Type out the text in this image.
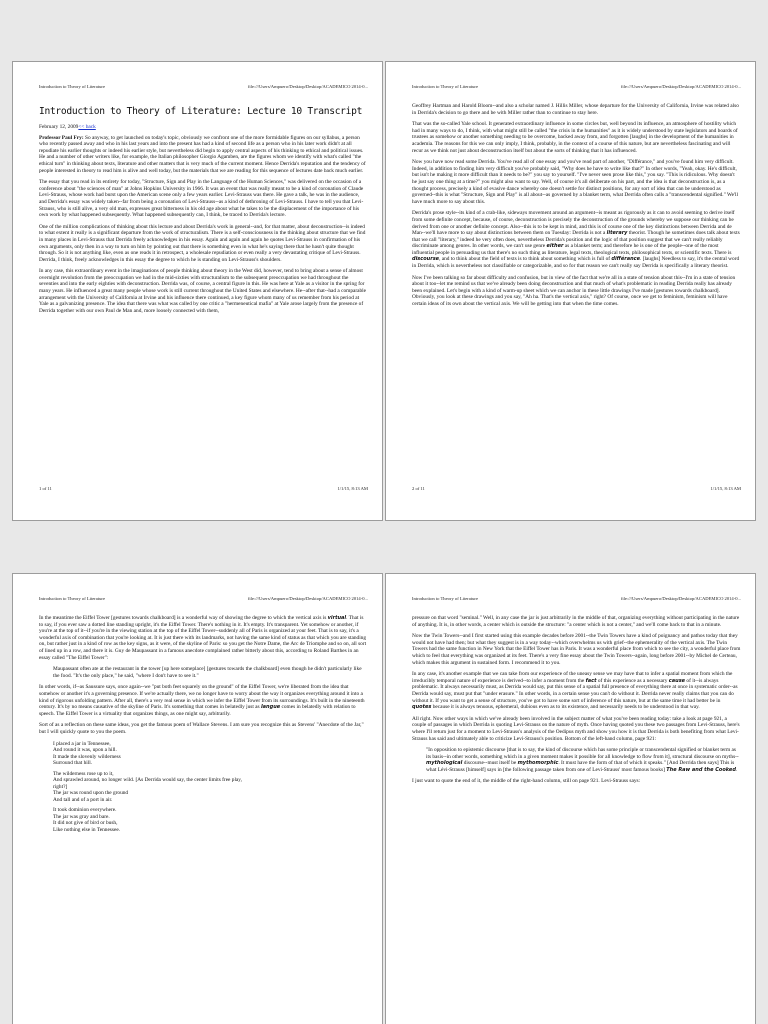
Introduction to Theory of Literature	file:///Users/Ampuero/Desktop/Desktop/ACADEMICO 2014-0...
Introduction to Theory of Literature: Lecture 10 Transcript
February 12, 2009<< back

Professor Paul Fry: So anyway, to get launched on today's topic, obviously we confront one of the more formidable figures on our syllabus, a person who recently passed away and who in his last years and into the present has had a kind of second life as a person who in his later work didn't at all repudiate his earlier thoughts or indeed his earlier style, but nevertheless did begin to apply central aspects of his thinking to ethical and political issues. He and a number of other writers like, for example, the Italian philosopher Giorgio Agamben, are the figures whom we identify with what's called "the ethical turn" in thinking about texts, literature and other matters that is very much of the current moment. Hence Derrida's reputation and the tendency of people interested in theory to read him is alive and well today, but the materials that we are reading for this sequence of lectures date back much earlier.

The essay that you read in its entirety for today, "Structure, Sign and Play in the Language of the Human Sciences," was delivered on the occasion of a conference about "the sciences of man" at Johns Hopkins University in 1966. It was an event that was really meant to be a kind of coronation of Claude Levi-Strauss, whose work had burst upon the American scene only a few years earlier. Levi-Strauss was there. He gave a talk, he was in the audience, and Derrida's essay was widely taken--far from being a coronation of Levi-Strauss--as a kind of dethroning of Levi-Strauss. I have to tell you that Levi-Strauss, who is still alive, a very old man, expresses great bitterness in his old age about what he takes to be the displacement of the importance of his own work by what happened subsequently. What happened subsequently can, I think, be traced to Derrida's lecture.

One of the million complications of thinking about this lecture and about Derrida's work in general--and, for that matter, about deconstruction--is indeed to what extent it really is a significant departure from the work of structuralism. There is a self-consciousness in the thinking about structure that we find in many places in Levi-Strauss that Derrida freely acknowledges in his essay. Again and again and again he quotes Levi-Strauss in confirmation of his own arguments, only then in a way to turn on him by pointing out that there is something even in what he's saying there that he hasn't quite thought through. So it is not anything like, even as one reads it in retrospect, a wholesale repudiation or even really a very devastating critique of Levi-Strauss. Derrida, I think, freely acknowledges in this essay the degree to which he is standing on Levi-Strauss's shoulders.

In any case, this extraordinary event in the imaginations of people thinking about theory in the West did, however, tend to bring about a sense of almost overnight revolution from the preoccupation we had in the mid-sixties with structuralism to the subsequent preoccupation we had throughout the seventies and into the early eighties with deconstruction. Derrida was, of course, a central figure in this. He was here at Yale as a visitor in the spring for many years. He influenced a great many people whose work is still current throughout the United States and elsewhere. He--after that--had a comparable arrangement with the University of California at Irvine and his influence there continued, a key figure whom many of us remember from his period at Yale as a galvanizing presence. The idea that there was what was called by one critic a "hermeneutical mafia" at Yale arose largely from the presence of Derrida together with our own Paul de Man and, more loosely connected with them,

1 of 11	1/1/15, 8:13 AM
Introduction to Theory of Literature	file:///Users/Ampuero/Desktop/Desktop/ACADEMICO 2014-0...

Geoffrey Hartman and Harold Bloom--and also a scholar named J. Hillis Miller, whose departure for the University of California, Irvine was related also in Derrida's decision to go there and be with Miller rather than to continue to stay here.

That was the so-called Yale school. It generated extraordinary influence in some circles but, well beyond its influence, an atmosphere of hostility which had in many ways to do, I think, with what might still be called "the crisis in the humanities" as it is widely understood by state legislators and boards of trustees as somehow or another something needing to be overcome, backed away from, and forgotten [laughs] in the development of the humanities in academia. The reasons for this we can only imply, I think, probably, in the context of a course of this nature, but are nevertheless fascinating and will recur as we think not just about deconstruction itself but about the sorts of thinking that it has influenced.

Now you have now read some Derrida. You've read all of one essay and you've read part of another, "Différance," and you've found him very difficult. Indeed, in addition to finding him very difficult you've probably said, "Why does he have to write like that?" In other words, "Yeah, okay. He's difficult, but isn't he making it more difficult than it needs to be?" you say to yourself. "I've never seen prose like this," you say. "This is ridiculous. Why doesn't he just say one thing at a time?" you might also want to say. Well, of course it's all deliberate on his part, and the idea is that deconstruction is, as a thought process, precisely a kind of evasive dance whereby one doesn't settle for distinct positions, for any sort of idea that can be understood as governed--this is what "Structure, Sign and Play" is all about--as governed by a blanket term, what Derrida often calls a "transcendental signified." We'll have much more to say about this.

Derrida's prose style--its kind of a crab-like, sideways movement around an argument--is meant as rigorously as it can to avoid seeming to derive itself from some definite concept, because, of course, deconstruction is precisely the deconstruction of the grounds whereby we suppose our thinking can be derived from one or another definite concept. Also--this is to be kept in mind, and this is of course one of the key distinctions between Derrida and de Man--we'll have more to say about distinctions between them on Tuesday: Derrida is not a literary theorist. Though he sometimes does talk about texts that we call "literary," indeed he very often does, nevertheless Derrida's position and the logic of that position suggest that we can't really reliably discriminate among genres. In other words, we can't use genre either as a blanket term; and therefore he is one of the people--one of the most influential people in persuading us that there's no such thing as literature, legal texts, theological texts, philosophical texts, or scientific texts. There is discourse, and to think about the field of texts is to think about something which is full of différance. [laughs] Needless to say, it's the central word in Derrida, which is nevertheless not classifiable or categorizable, and so for that reason we can't really say Derrida is specifically a literary theorist.

Now I've been talking so far about difficulty and confusion, but in view of the fact that we're all in a state of tension about this--I'm in a state of tension about it too--let me remind us that we've already been doing deconstruction and that much of what's problematic in reading Derrida really has already been explained. Let's begin with a kind of warm-up sheet which we can anchor in these little drawings I've made [gestures towards chalkboard]. Obviously, you look at these drawings and you say, "Ah ha. That's the vertical axis," right? Of course, once we get to feminism, feminism will have certain ideas of its own about the vertical axis. We will be getting into that when the time comes.

2 of 11	1/1/15, 8:13 AM
Introduction to Theory of Literature	file:///Users/Ampuero/Desktop/Desktop/ACADEMICO 2014-0...

In the meantime the Eiffel Tower [gestures towards chalkboard] is a wonderful way of showing the degree to which the vertical axis is virtual. That is to say, if you ever saw a dotted line standing upright, it's the Eiffel Tower. There's nothing in it. It's empty. It's transparent. Yet somehow or another, if you're at the top of it--if you're in the viewing station at the top of the Eiffel Tower--suddenly all of Paris is organized at your feet. That is to say, it's a wonderful axis of combination that you're looking at. It is just there with its landmarks, not having the same kind of status as that which you are standing on, but rather just in a kind of row as the key signs, as it were, of the skyline of Paris: so you get the Notre Dame, the Arc de Triomphe and so on, all sort of lined up in a row, and there it is. Guy de Maupassant in a famous anecdote complained rather bitterly about this, according to Roland Barthes in an essay called "The Eiffel Tower":

Maupassant often ate at the restaurant in the tower [up here someplace] [gestures towards the chalkboard] even though he didn't particularly like the food. "It's the only place," he said, "where I don't have to see it."

In other words, if--as Saussure says, once again--we "put both feet squarely on the ground" of the Eiffel Tower, we're liberated from the idea that somehow or another it's a governing presence. If we're actually there, we no longer have to worry about the way it organizes everything around it into a kind of rigorous unfolding pattern. After all, there's a very real sense in which we infer the Eiffel Tower from its surroundings. It's built in the nineteenth century. It's by no means causative of the skyline of Paris. It's something that comes in belatedly just as langue comes in belatedly with relation to speech. The Eiffel Tower is a virtuality that organizes things, as one might say, arbitrarily.

Sort of as a reflection on these same ideas, you get the famous poem of Wallace Stevens. I am sure you recognize this as Stevens' "Anecdote of the Jar," but I will quickly quote to you the poem.

I placed a jar in Tennessee,
And round it was, upon a hill.
It made the slovenly wilderness
Surround that hill.
The wilderness rose up to it,
And sprawled around, no longer wild. [As Derrida would say, the center limits free play,
right?]
The jar was round upon the ground
And tall and of a port in air.
It took dominion everywhere.
The jar was gray and bare.
It did not give of bird or bush,
Like nothing else in Tennessee.
Introduction to Theory of Literature	file:///Users/Ampuero/Desktop/Desktop/ACADEMICO 2014-0...

pressure on that word "seminal." Well, in any case the jar is just arbitrarily in the middle of that, organizing everything without participating in the nature of anything. It is, in other words, a center which is outside the structure: "a center which is not a center," and we'll come back to that in a minute.

Now the Twin Towers--and I first started using this example decades before 2001--the Twin Towers have a kind of poignancy and pathos today that they would not have had then; but what they suggest is in a way today--which overwhelms us with grief--the ephemerality of the vertical axis. The Twin Towers had the same function in New York that the Eiffel Tower has in Paris. It was a wonderful place from which to see the city, a wonderful place from which to feel that everything was organized at its feet. There's a very fine essay about the Twin Towers--again, long before 2001--by Michel de Certeau, which makes this argument in sustained form. I recommend it to you.

In any case, it's another example that we can take from our experience of the uneasy sense we may have that to infer a spatial moment from which the irreducibly temporal nature of experience is derived--to infer a moment from the fact of this experience as a necessary cause of it--is always problematic. It always necessarily must, as Derrida would say, put this sense of a spatial full presence of everything there at once in systematic order--as Derrida would say, must put that "under erasure." In other words, in a certain sense you can't do without it. Derrida never really claims that you can do without it. If you want to get a sense of structure, you've got to have some sort of inference of this nature, but at the same time it had better be in quotes because it is always tenuous, ephemeral, dubious even as to its existence, and necessarily needs to be understood in that way.

All right. Now other ways in which we've already been involved in the subject matter of what you've been reading today: take a look at page 921, a couple of passages in which Derrida is quoting Levi-Strauss on the nature of myth. Once having quoted you these two passages from Levi-Strauss, here's where I'll return just for a moment to Levi-Strauss's analysis of the Oedipus myth and show you how it is that Derrida is both benefiting from what Levi-Strauss has said and ultimately able to criticize Levi-Strauss's position. Bottom of the left-hand column, page 921:

"In opposition to epistemic discourse [that is to say, the kind of discourse which has some principle or transcendental signified or blanket term as its basis--in other words, something which in a given moment makes it possible for all knowledge to flow from it], structural discourse on myths--mythological discourse--must itself be mythomorphic. It must have the form of that of which it speaks." [And Derrida then says] This is what Lévi-Strauss [himself] says in [the following passage taken from one of Levi-Strauss' most famous books] The Raw and the Cooked.

I just want to quote the end of it, the middle of the right-hand column, still on page 921. Levi-Strauss says:
